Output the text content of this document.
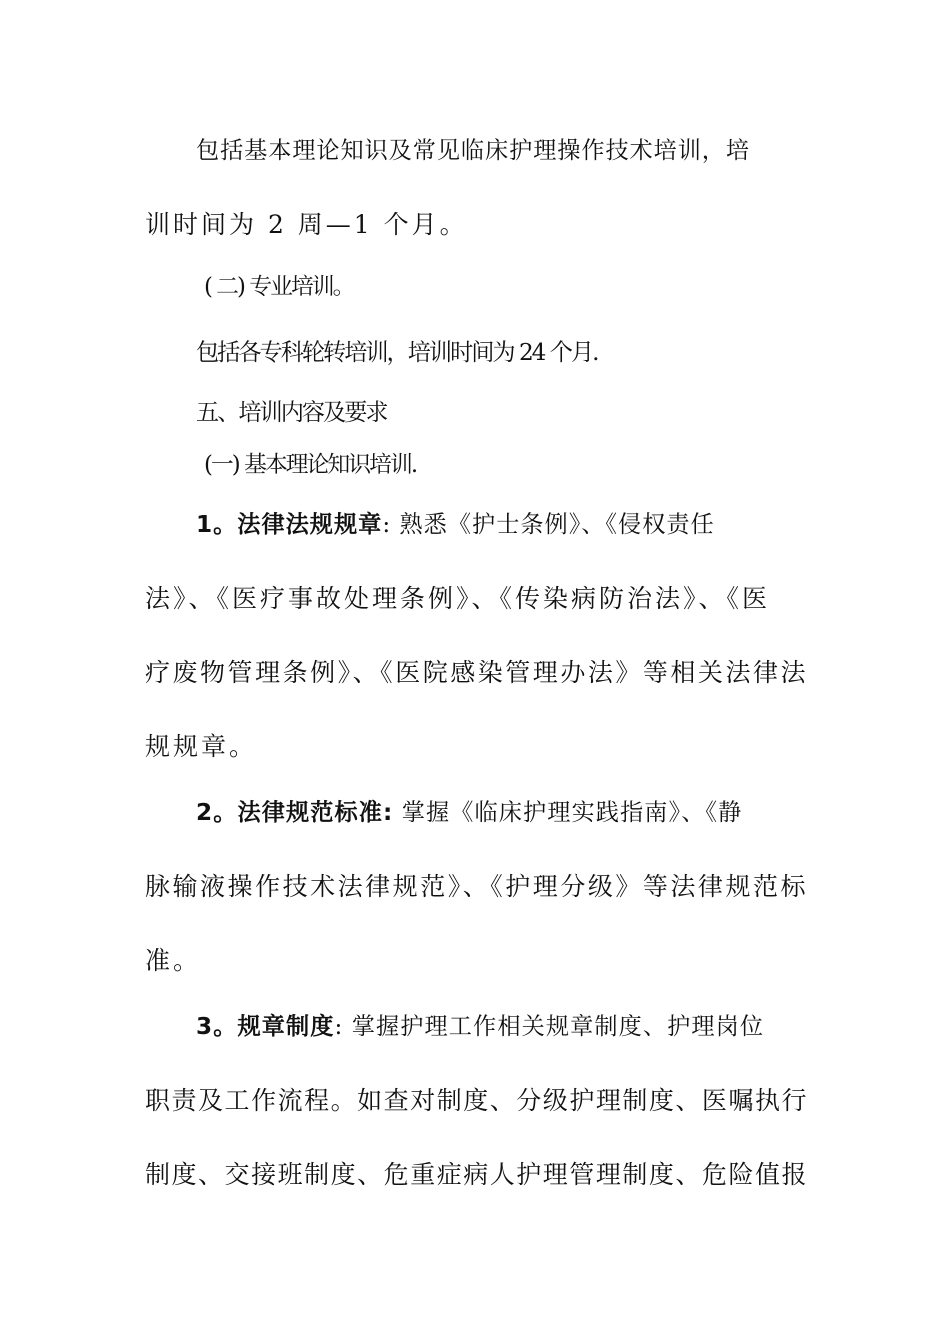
包括基本理论知识及常见临床护理操作技术培训，培
训时间为 2 周—1 个月。
( 二) 专业培训。
包括各专科轮转培训，培训时间为 24 个月.
五、培训内容及要求
(一) 基本理论知识培训.
1。法律法规规章: 熟悉《护士条例》、《侵权责任
法》、《医疗事故处理条例》、《传染病防治法》、《医
疗废物管理条例》、《医院感染管理办法》等相关法律法
规规章。
2。法律规范标准: 掌握《临床护理实践指南》、《静
脉输液操作技术法律规范》、《护理分级》等法律规范标
准。
3。规章制度: 掌握护理工作相关规章制度、护理岗位
职责及工作流程。如查对制度、分级护理制度、医嘱执行
制度、交接班制度、危重症病人护理管理制度、危险值报
